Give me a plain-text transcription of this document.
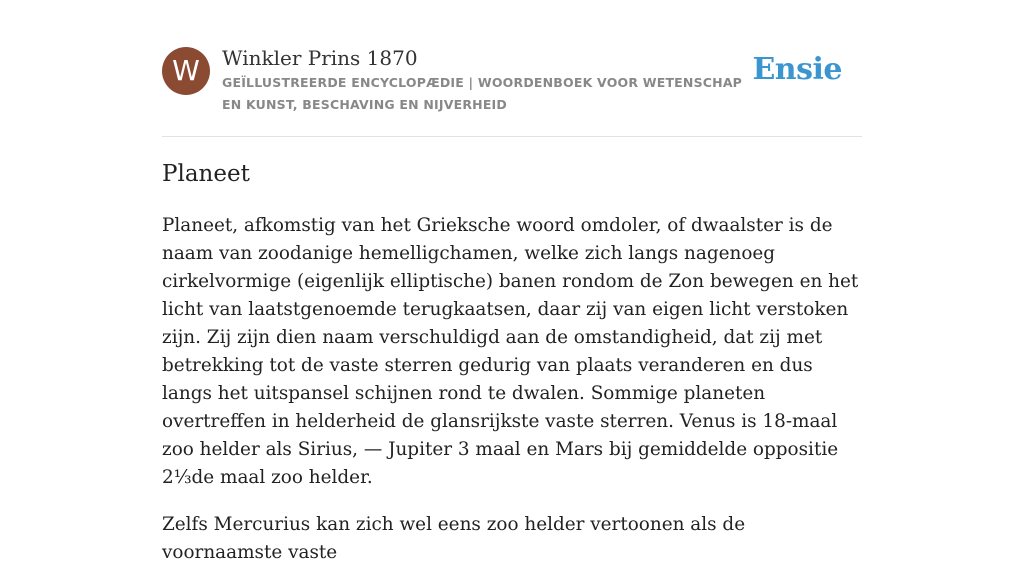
W	Winkler Prins 1870
GEÏLLUSTREERDE ENCYCLOPÆDIE | WOORDENBOEK VOOR WETENSCHAP EN KUNST, BESCHAVING EN NIJVERHEID
Ensie
Planeet

Planeet, afkomstig van het Grieksche woord omdoler, of dwaalster is de naam van zoodanige hemelligchamen, welke zich langs nagenoeg cirkelvormige (eigenlijk elliptische) banen rondom de Zon bewegen en het licht van laatstgenoemde terugkaatsen, daar zij van eigen licht verstoken zijn. Zij zijn dien naam verschuldigd aan de omstandigheid, dat zij met betrekking tot de vaste sterren gedurig van plaats veranderen en dus langs het uitspansel schijnen rond te dwalen. Sommige planeten overtreffen in helderheid de glansrijkste vaste sterren. Venus is 18-maal zoo helder als Sirius, — Jupiter 3 maal en Mars bij gemiddelde oppositie 2⅓de maal zoo helder.

Zelfs Mercurius kan zich wel eens zoo helder vertoonen als de voornaamste vaste
